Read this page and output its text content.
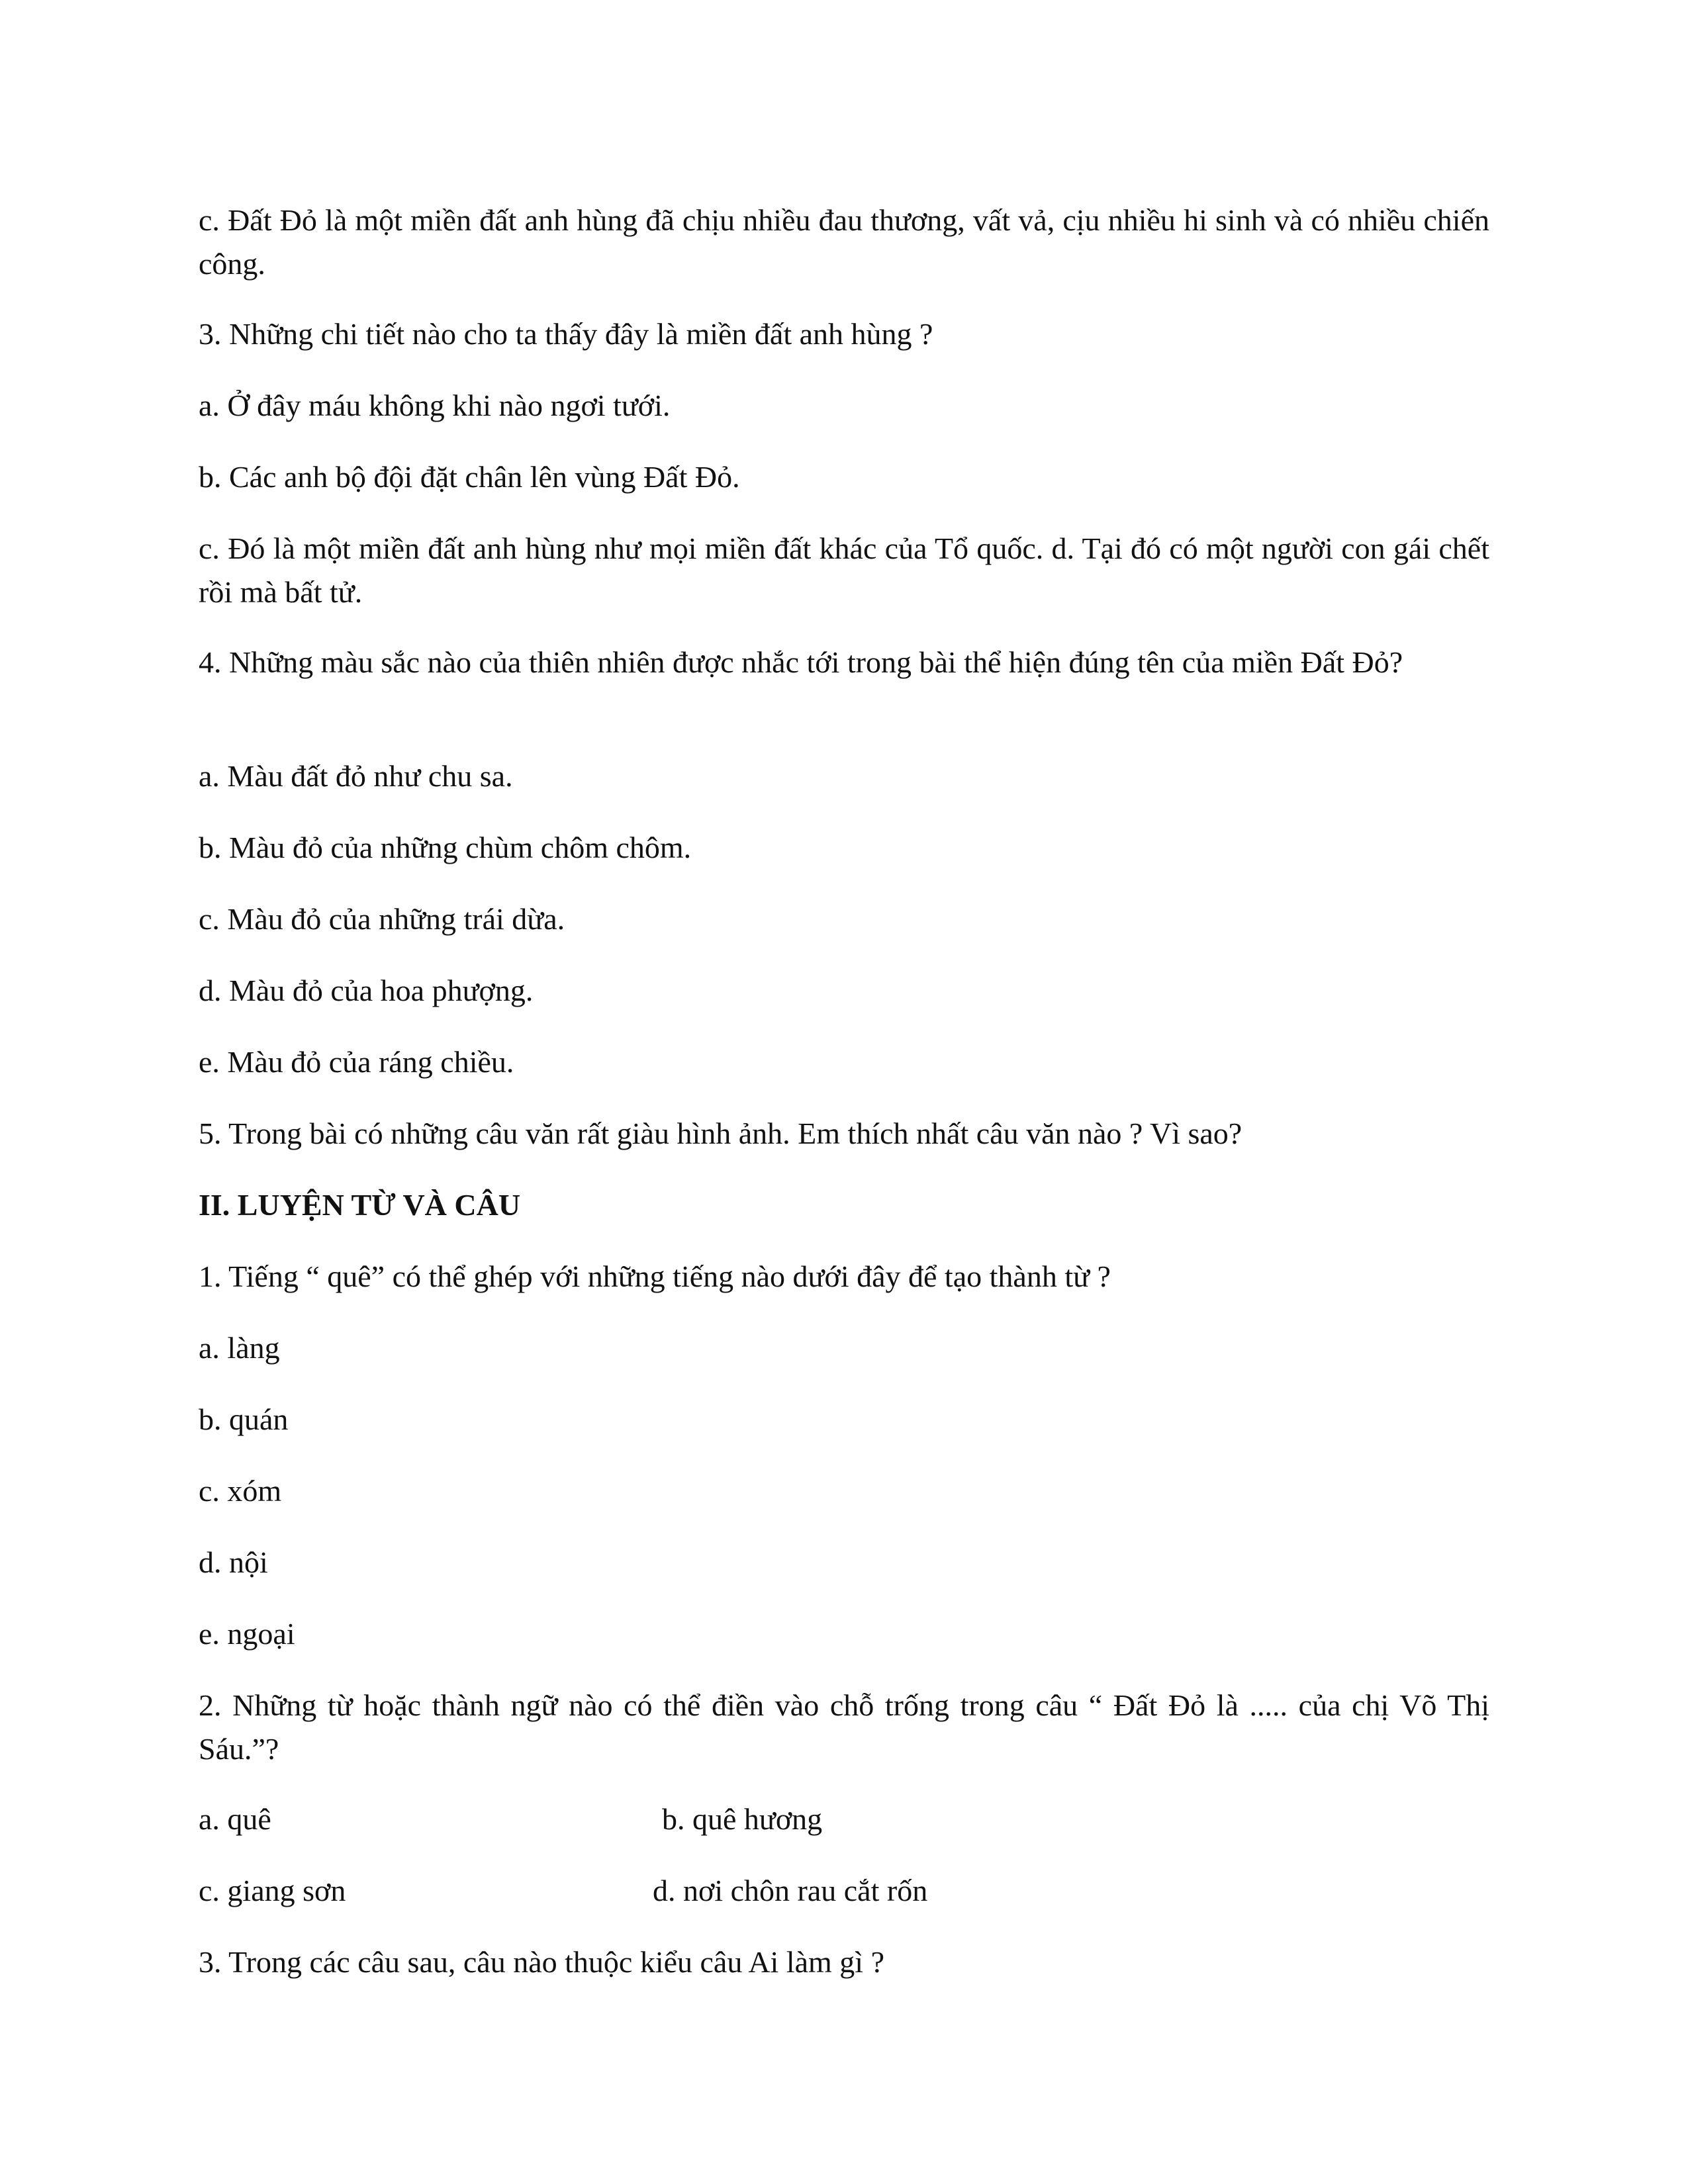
c. Đất Đỏ là một miền đất anh hùng đã chịu nhiều đau thương, vất vả, cịu nhiều hi sinh và có nhiều chiến công.

3. Những chi tiết nào cho ta thấy đây là miền đất anh hùng ?

a. Ở đây máu không khi nào ngơi tưới.

b. Các anh bộ đội đặt chân lên vùng Đất Đỏ.

c. Đó là một miền đất anh hùng như mọi miền đất khác của Tổ quốc. d. Tại đó có một người con gái chết rồi mà bất tử.

4. Những màu sắc nào của thiên nhiên được nhắc tới trong bài thể hiện đúng tên của miền Đất Đỏ?

a. Màu đất đỏ như chu sa.

b. Màu đỏ của những chùm chôm chôm.

c. Màu đỏ của những trái dừa.

d. Màu đỏ của hoa phượng.

e. Màu đỏ của ráng chiều.

5. Trong bài có những câu văn rất giàu hình ảnh. Em thích nhất câu văn nào ? Vì sao?

II. LUYỆN TỪ VÀ CÂU

1. Tiếng “ quê” có thể ghép với những tiếng nào dưới đây để tạo thành từ ?

a. làng

b. quán

c. xóm

d. nội

e. ngoại

2. Những từ hoặc thành ngữ nào có thể điền vào chỗ trống trong câu “ Đất Đỏ là ..... của chị Võ Thị Sáu.”?

a. quê	b. quê hương

c. giang sơn	d. nơi chôn rau cắt rốn

3. Trong các câu sau, câu nào thuộc kiểu câu Ai làm gì ?
